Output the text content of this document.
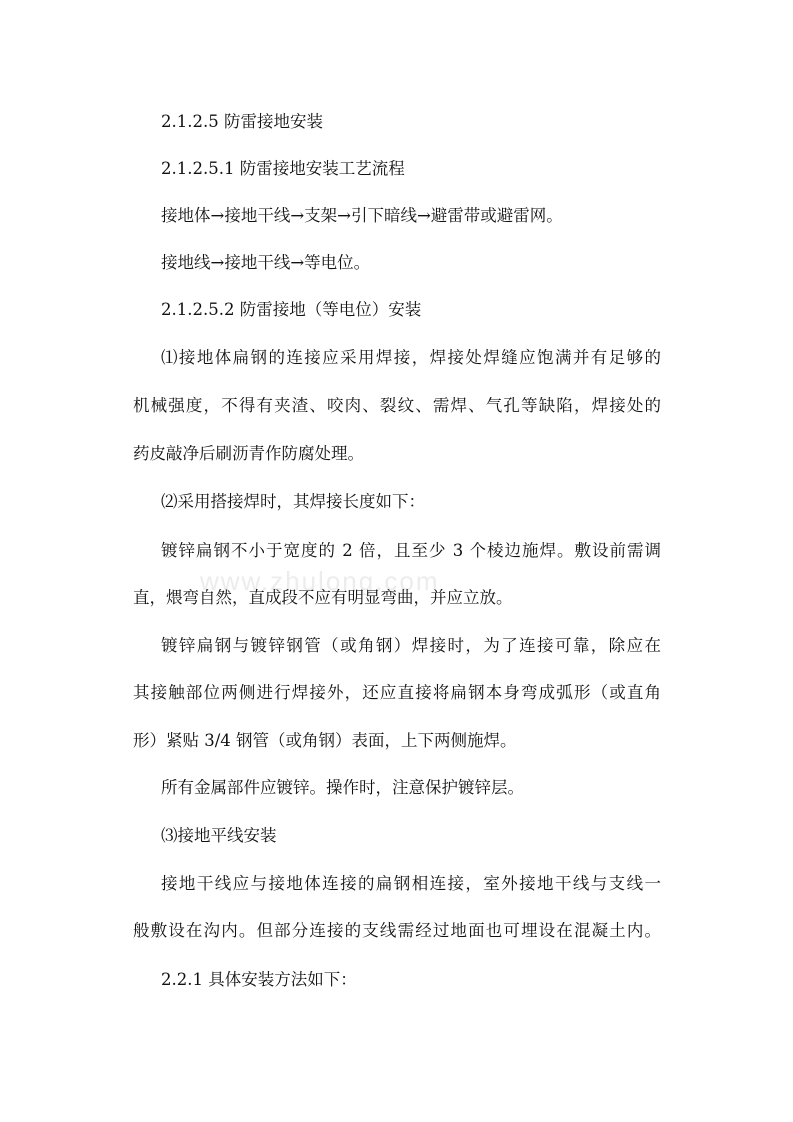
www.zhulong.com
2.1.2.5 防雷接地安装
2.1.2.5.1 防雷接地安装工艺流程
接地体→接地干线→支架→引下暗线→避雷带或避雷网。
接地线→接地干线→等电位。
2.1.2.5.2 防雷接地（等电位）安装
⑴接地体扁钢的连接应采用焊接，焊接处焊缝应饱满并有足够的
机械强度，不得有夹渣、咬肉、裂纹、需焊、气孔等缺陷，焊接处的
药皮敲净后刷沥青作防腐处理。
⑵采用搭接焊时，其焊接长度如下：
镀锌扁钢不小于宽度的 2 倍，且至少 3 个棱边施焊。敷设前需调
直，煨弯自然，直成段不应有明显弯曲，并应立放。
镀锌扁钢与镀锌钢管（或角钢）焊接时，为了连接可靠，除应在
其接触部位两侧进行焊接外，还应直接将扁钢本身弯成弧形（或直角
形）紧贴 3/4 钢管（或角钢）表面，上下两侧施焊。
所有金属部件应镀锌。操作时，注意保护镀锌层。
⑶接地平线安装
接地干线应与接地体连接的扁钢相连接，室外接地干线与支线一
般敷设在沟内。但部分连接的支线需经过地面也可埋设在混凝土内。
2.2.1 具体安装方法如下：
